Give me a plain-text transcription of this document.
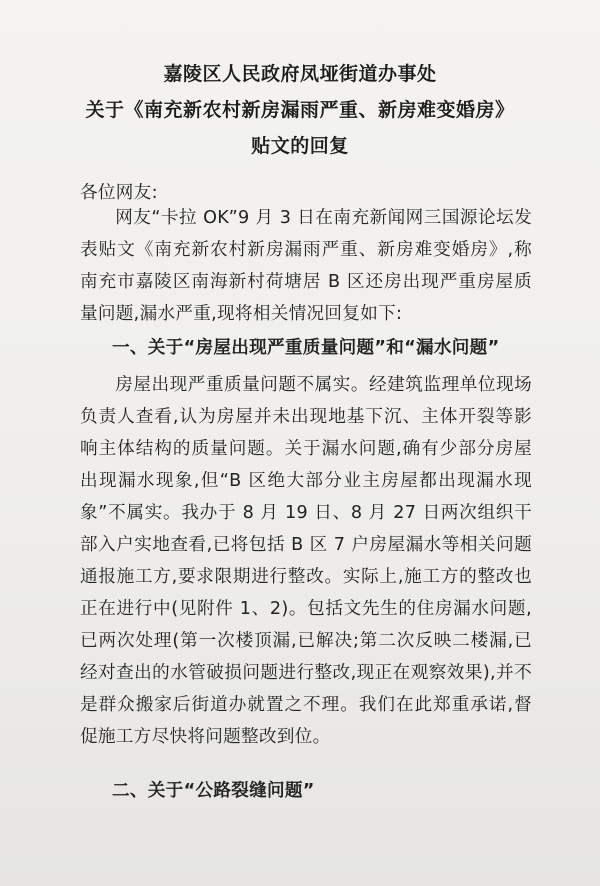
嘉陵区人民政府凤垭街道办事处
关于《南充新农村新房漏雨严重、新房难变婚房》
贴文的回复
各位网友:

网友“卡拉 OK”9 月 3 日在南充新闻网三国源论坛发表贴文《南充新农村新房漏雨严重、新房难变婚房》,称南充市嘉陵区南海新村荷塘居 B 区还房出现严重房屋质量问题,漏水严重,现将相关情况回复如下:

一、关于“房屋出现严重质量问题”和“漏水问题”

房屋出现严重质量问题不属实。经建筑监理单位现场负责人查看,认为房屋并未出现地基下沉、主体开裂等影响主体结构的质量问题。关于漏水问题,确有少部分房屋出现漏水现象,但“B 区绝大部分业主房屋都出现漏水现象”不属实。我办于 8 月 19 日、8 月 27 日两次组织干部入户实地查看,已将包括 B 区 7 户房屋漏水等相关问题通报施工方,要求限期进行整改。实际上,施工方的整改也正在进行中(见附件 1、2)。包括文先生的住房漏水问题,已两次处理(第一次楼顶漏,已解决;第二次反映二楼漏,已经对查出的水管破损问题进行整改,现正在观察效果),并不是群众搬家后街道办就置之不理。我们在此郑重承诺,督促施工方尽快将问题整改到位。

二、关于“公路裂缝问题”
